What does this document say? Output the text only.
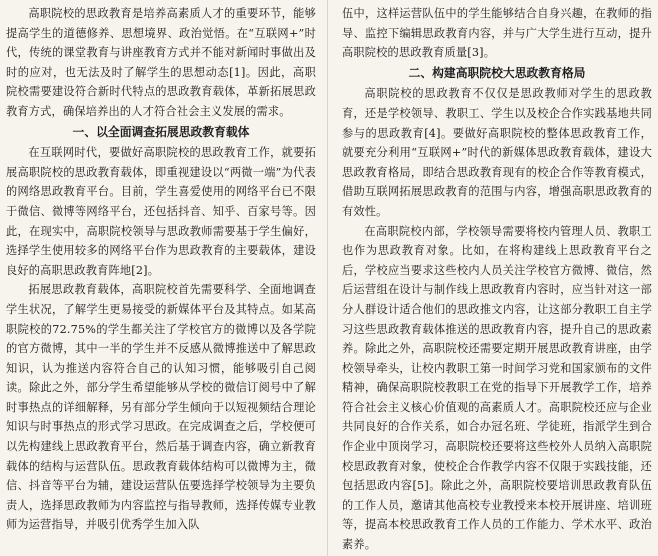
高职院校的思政教育是培养高素质人才的重要环节，能够提高学生的道德修养、思想境界、政治觉悟。在“互联网+”时代，传统的课堂教育与讲座教育方式并不能对新闻时事做出及时的应对，也无法及时了解学生的思想动态[1]。因此，高职院校需要建设符合新时代特点的思政教育载体，革新拓展思政教育方式，确保培养出的人才符合社会主义发展的需求。

一、以全面调查拓展思政教育载体

在互联网时代，要做好高职院校的思政教育工作，就要拓展高职院校的思政教育载体，即重视建设以“两微一端”为代表的网络思政教育平台。目前，学生喜爱使用的网络平台已不限于微信、微博等网络平台，还包括抖音、知乎、百家号等。因此，在现实中，高职院校领导与思政教师需要基于学生偏好，选择学生使用较多的网络平台作为思政教育的主要载体，建设良好的高职思政教育阵地[2]。

拓展思政教育载体，高职院校首先需要科学、全面地调查学生状况，了解学生更易接受的新媒体平台及其特点。如某高职院校的72.75%的学生都关注了学校官方的微博以及各学院的官方微博，其中一半的学生并不反感从微博推送中了解思政知识，认为推送内容符合自己的认知习惯，能够吸引自己阅读。除此之外，部分学生希望能够从学校的微信订阅号中了解时事热点的详细解释，另有部分学生倾向于以短视频结合理论知识与时事热点的形式学习思政。在完成调查之后，学校便可以先构建线上思政教育平台，然后基于调查内容，确立新教育载体的结构与运营队伍。思政教育载体结构可以微博为主，微信、抖音等平台为辅，建设运营队伍要选择学校领导为主要负责人，选择思政教师为内容监控与指导教师，选择传媒专业教师为运营指导，并吸引优秀学生加入队

伍中，这样运营队伍中的学生能够结合自身兴趣，在教师的指导、监控下编辑思政教育内容，并与广大学生进行互动，提升高职院校的思政教育质量[3]。

二、构建高职院校大思政教育格局

高职院校的思政教育不仅仅是思政教师对学生的思政教育，还是学校领导、教职工、学生以及校企合作实践基地共同参与的思政教育[4]。要做好高职院校的整体思政教育工作，就要充分利用“互联网+”时代的新媒体思政教育载体，建设大思政教育格局，即结合思政教育现有的校企合作等教育模式，借助互联网拓展思政教育的范围与内容，增强高职思政教育的有效性。

在高职院校内部，学校领导需要将校内管理人员、教职工也作为思政教育对象。比如，在将构建线上思政教育平台之后，学校应当要求这些校内人员关注学校官方微博、微信，然后运营组在设计与制作线上思政教育内容时，应当针对这一部分人群设计适合他们的思政推文内容，让这部分教职工自主学习这些思政教育载体推送的思政教育内容，提升自己的思政素养。除此之外，高职院校还需要定期开展思政教育讲座，由学校领导牵头，让校内教职工第一时间学习党和国家颁布的文件精神，确保高职院校教职工在党的指导下开展教学工作，培养符合社会主义核心价值观的高素质人才。高职院校还应与企业共同良好的合作关系，如合办冠名班、学徒班，指派学生到合作企业中顶岗学习，高职院校还要将这些校外人员纳入高职院校思政教育对象，使校企合作教学内容不仅限于实践技能，还包括思政内容[5]。除此之外，高职院校要培训思政教育队伍的工作人员，邀请其他高校专业教授来本校开展讲座、培训班等，提高本校思政教育工作人员的工作能力、学术水平、政治素养。
